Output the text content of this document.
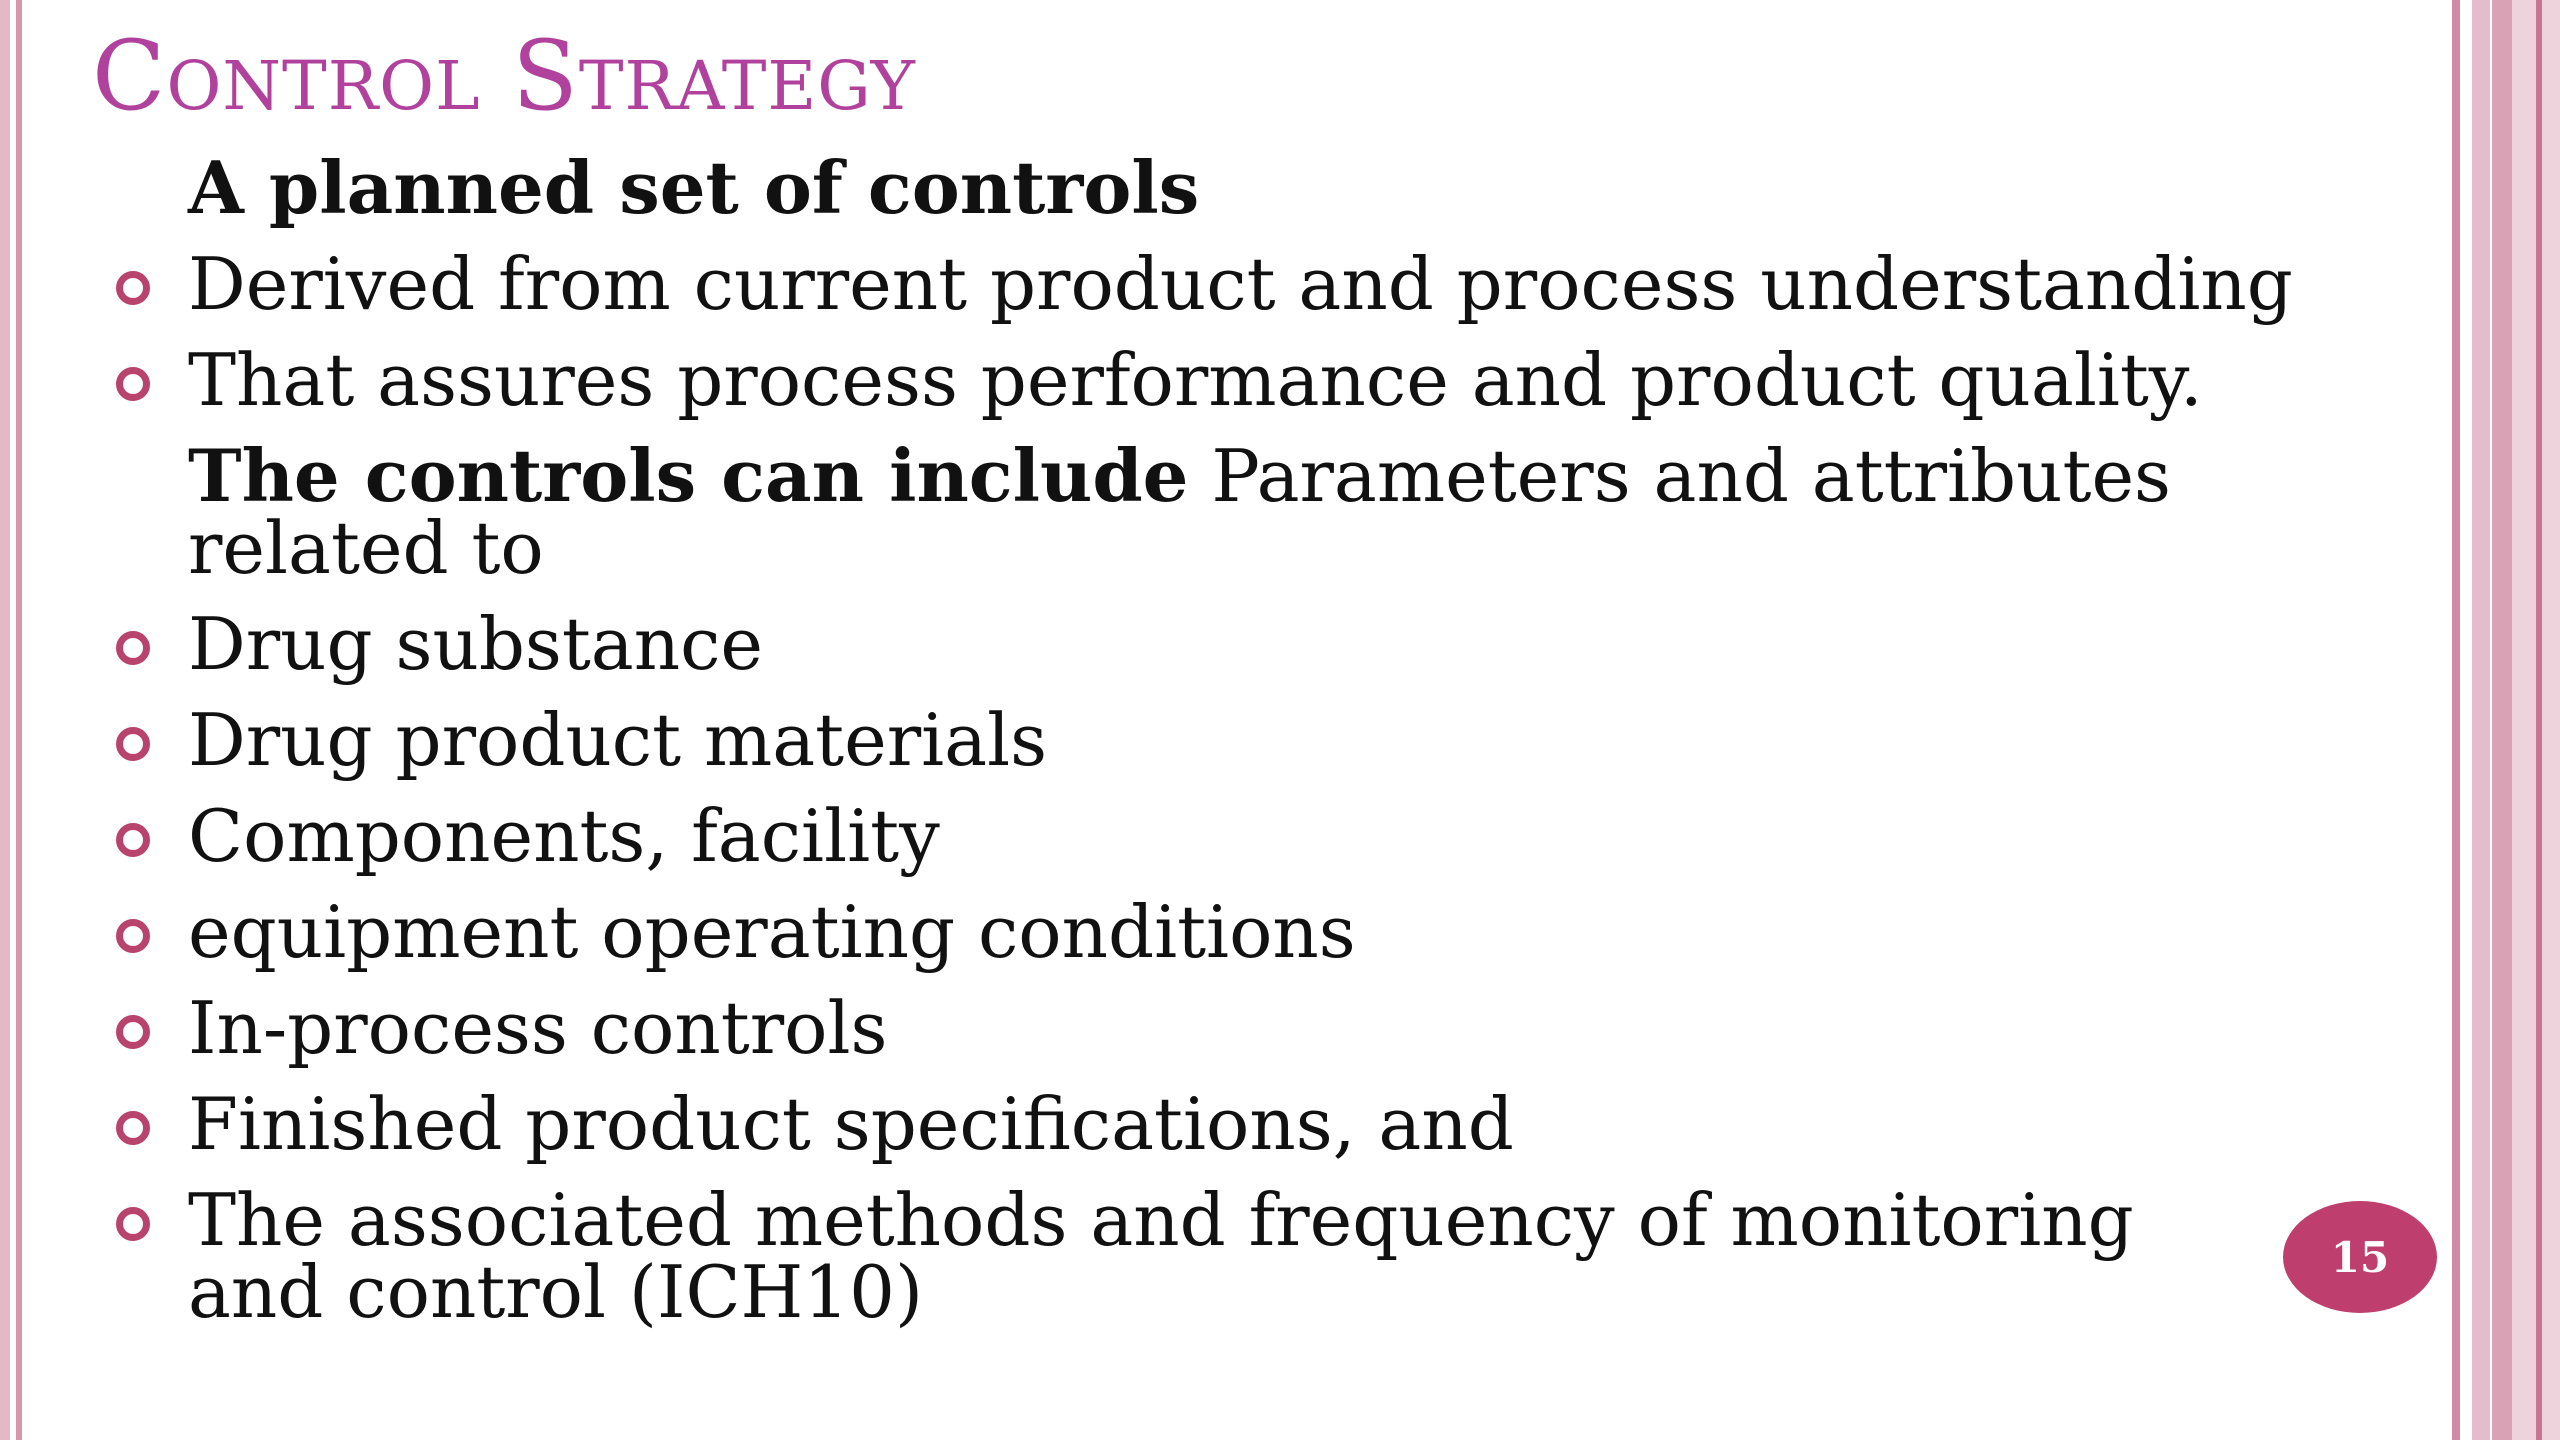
Control Strategy
A planned set of controls
Derived from current product and process understanding
That assures process performance and product quality.
The controls can include Parameters and attributes related to
Drug substance
Drug product materials
Components, facility
equipment operating conditions
In-process controls
Finished product specifications, and
The associated methods and frequency of monitoring and control (ICH10)	15
